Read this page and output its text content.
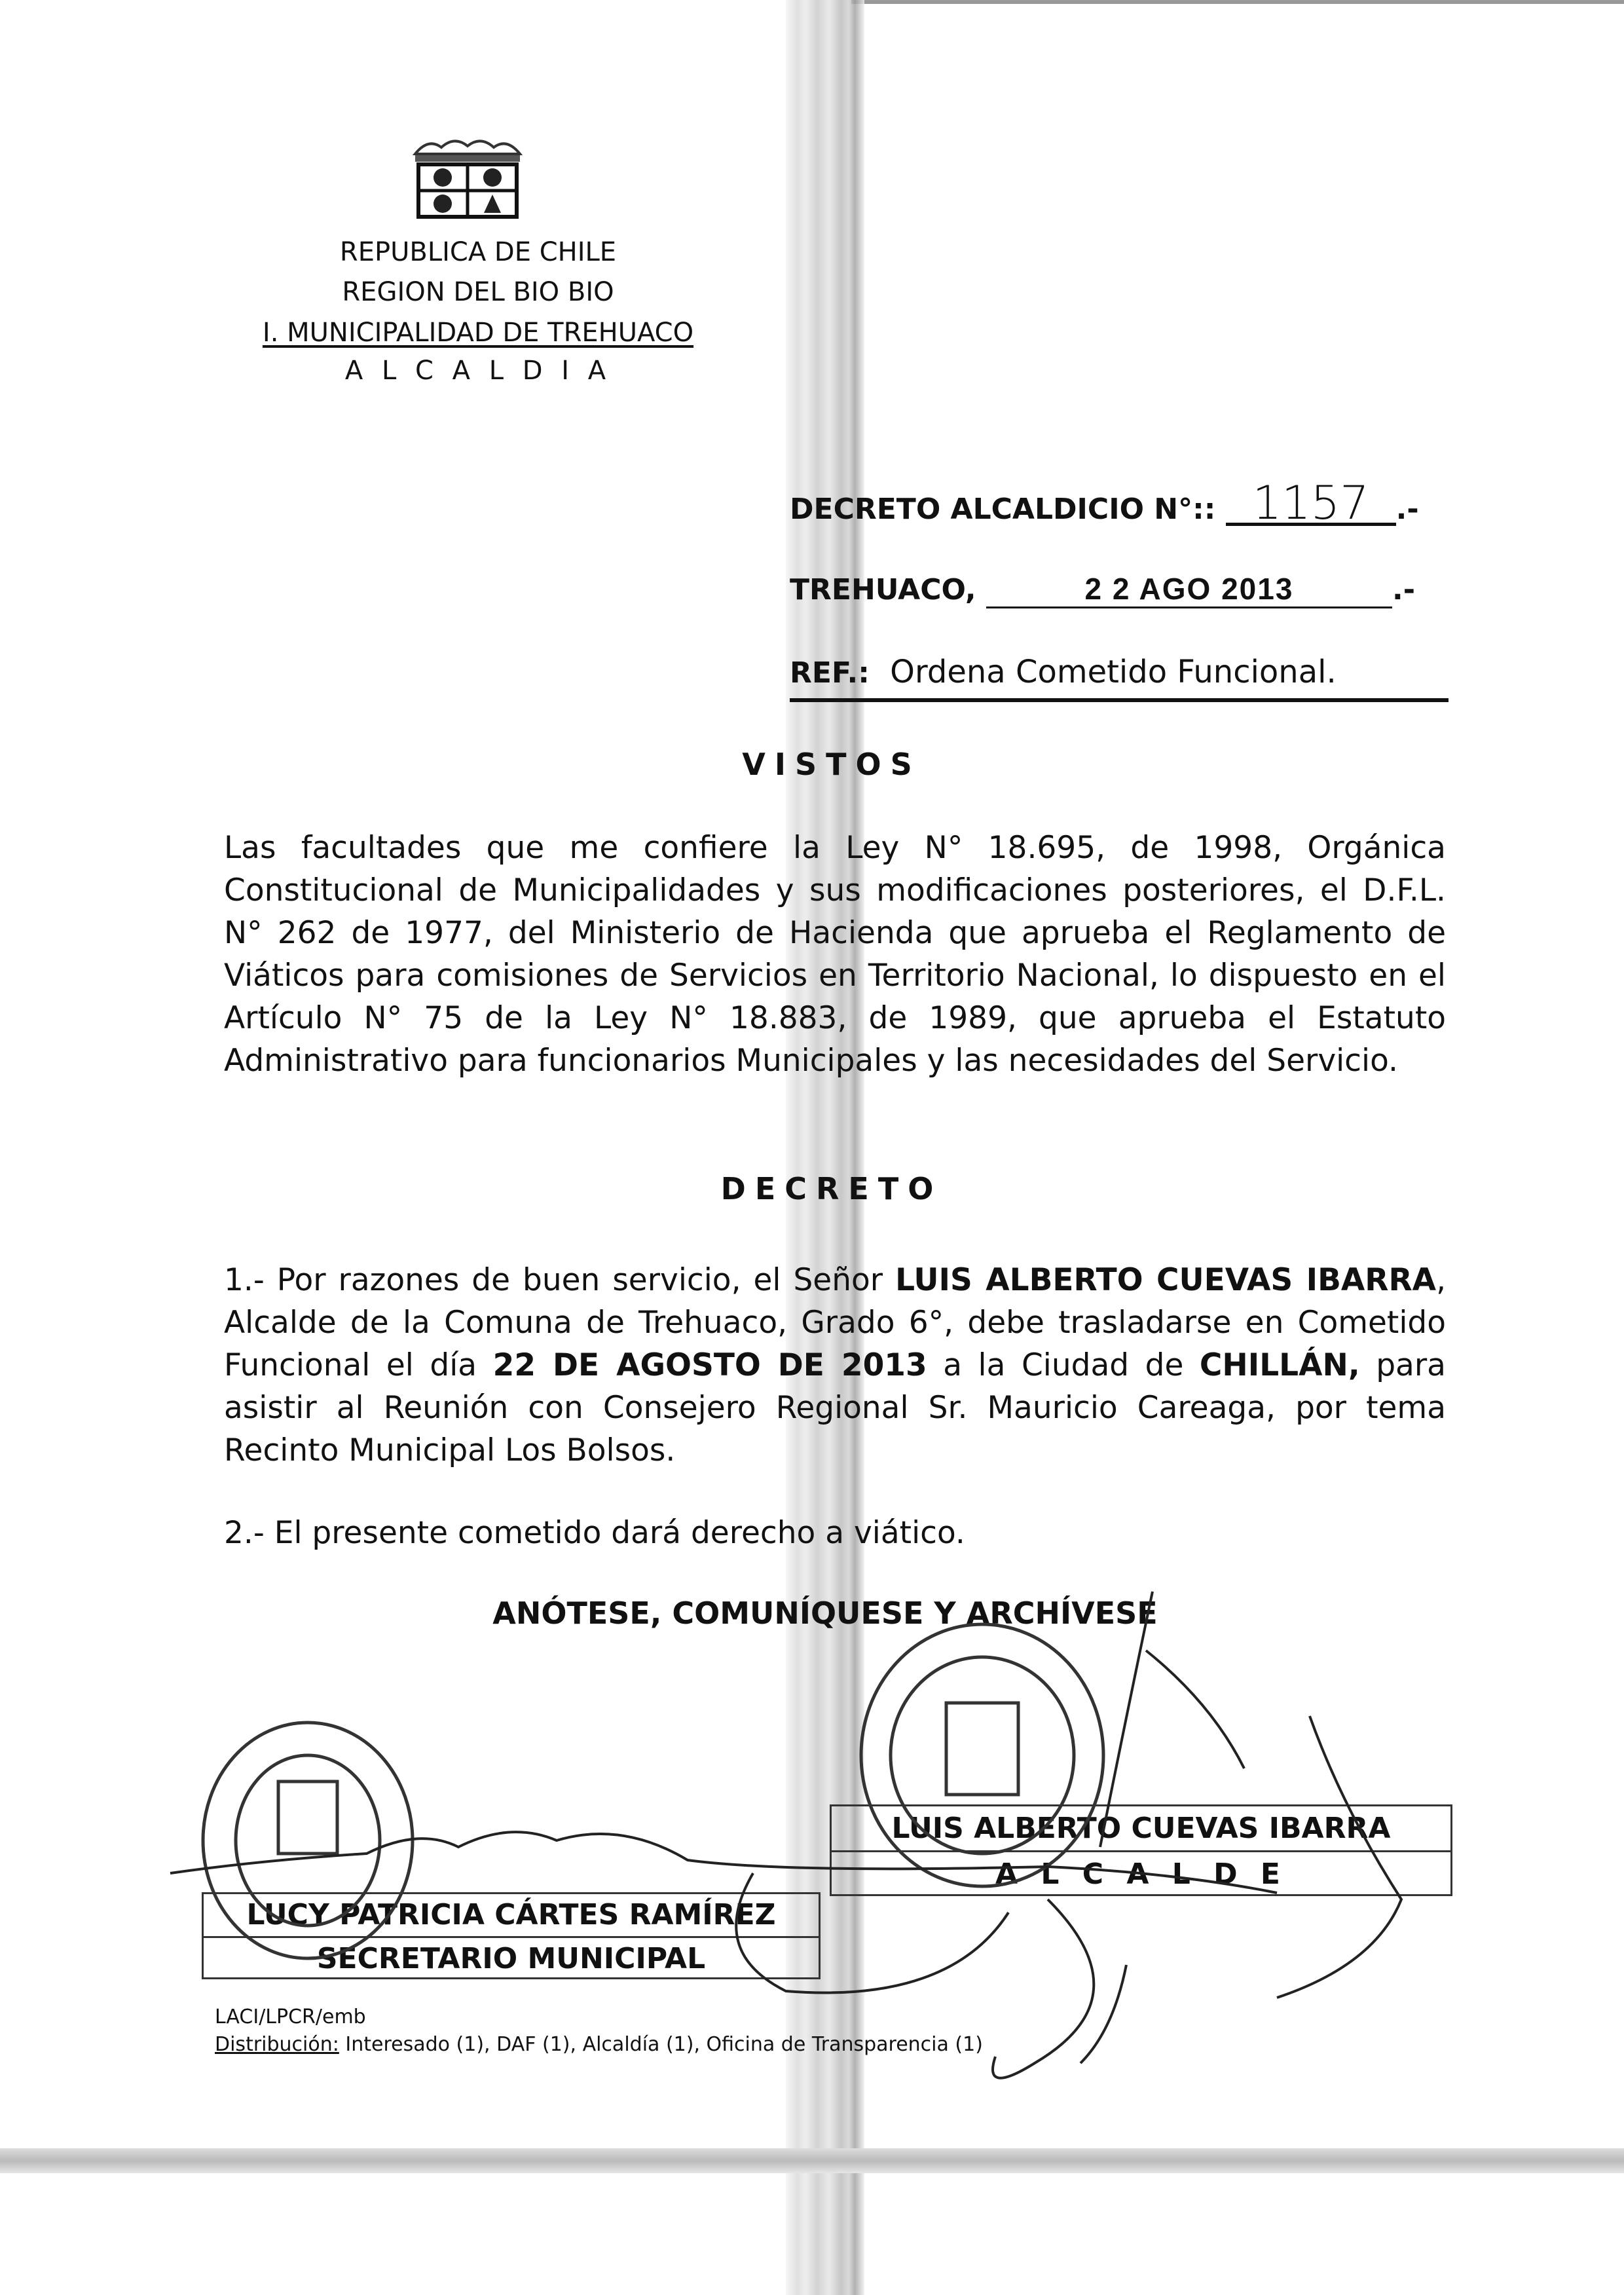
REPUBLICA DE CHILE
REGION DEL BIO BIO
I. MUNICIPALIDAD DE TREHUACO
A L C A L D I A
DECRETO ALCALDICIO N°:: 1157 .-
TREHUACO,	2 2 AGO 2013	.-
REF.: Ordena Cometido Funcional.
VISTOS
Las facultades que me confiere la Ley N° 18.695, de 1998, Orgánica Constitucional de Municipalidades y sus modificaciones posteriores, el D.F.L. N° 262 de 1977, del Ministerio de Hacienda que aprueba el Reglamento de Viáticos para comisiones de Servicios en Territorio Nacional, lo dispuesto en el Artículo N° 75 de la Ley N° 18.883, de 1989, que aprueba el Estatuto Administrativo para funcionarios Municipales y las necesidades del Servicio.
DECRETO
1.- Por razones de buen servicio, el Señor LUIS ALBERTO CUEVAS IBARRA, Alcalde de la Comuna de Trehuaco, Grado 6°, debe trasladarse en Cometido Funcional el día 22 DE AGOSTO DE 2013 a la Ciudad de CHILLÁN, para asistir al Reunión con Consejero Regional Sr. Mauricio Careaga, por tema Recinto Municipal Los Bolsos.
2.- El presente cometido dará derecho a viático.
ANÓTESE, COMUNÍQUESE Y ARCHÍVESE
LUIS ALBERTO CUEVAS IBARRA
A L C A L D E
LUCY PATRICIA CÁRTES RAMÍREZ
SECRETARIO MUNICIPAL
LACI/LPCR/emb
Distribución: Interesado (1), DAF (1), Alcaldía (1), Oficina de Transparencia (1)
